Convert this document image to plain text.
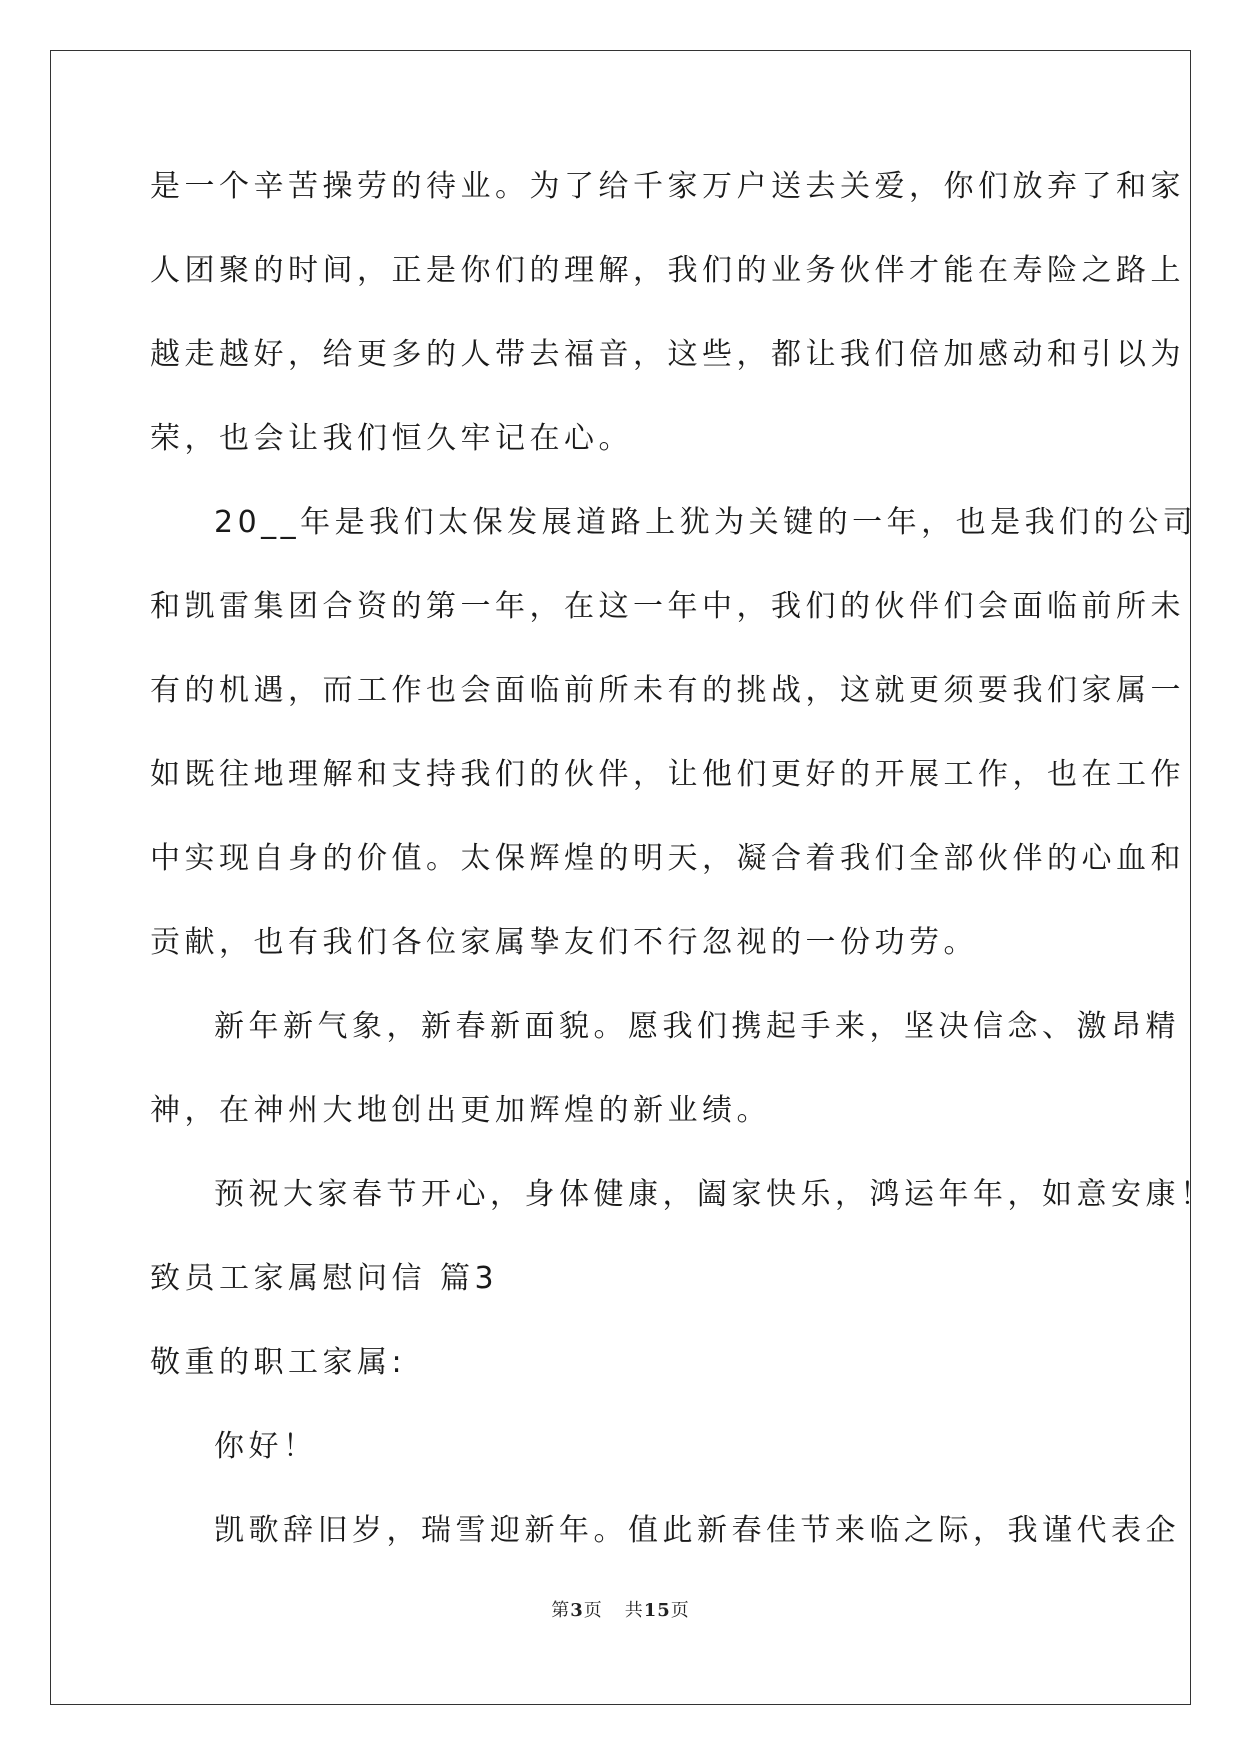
是一个辛苦操劳的待业。为了给千家万户送去关爱，你们放弃了和家
人团聚的时间，正是你们的理解，我们的业务伙伴才能在寿险之路上
越走越好，给更多的人带去福音，这些，都让我们倍加感动和引以为
荣，也会让我们恒久牢记在心。
20__年是我们太保发展道路上犹为关键的一年，也是我们的公司
和凯雷集团合资的第一年，在这一年中，我们的伙伴们会面临前所未
有的机遇，而工作也会面临前所未有的挑战，这就更须要我们家属一
如既往地理解和支持我们的伙伴，让他们更好的开展工作，也在工作
中实现自身的价值。太保辉煌的明天，凝合着我们全部伙伴的心血和
贡献，也有我们各位家属挚友们不行忽视的一份功劳。
新年新气象，新春新面貌。愿我们携起手来，坚决信念、激昂精
神，在神州大地创出更加辉煌的新业绩。
预祝大家春节开心，身体健康，阖家快乐，鸿运年年，如意安康！
致员工家属慰问信 篇3
敬重的职工家属:
你好！
凯歌辞旧岁，瑞雪迎新年。值此新春佳节来临之际，我谨代表企
第3页 共15页
